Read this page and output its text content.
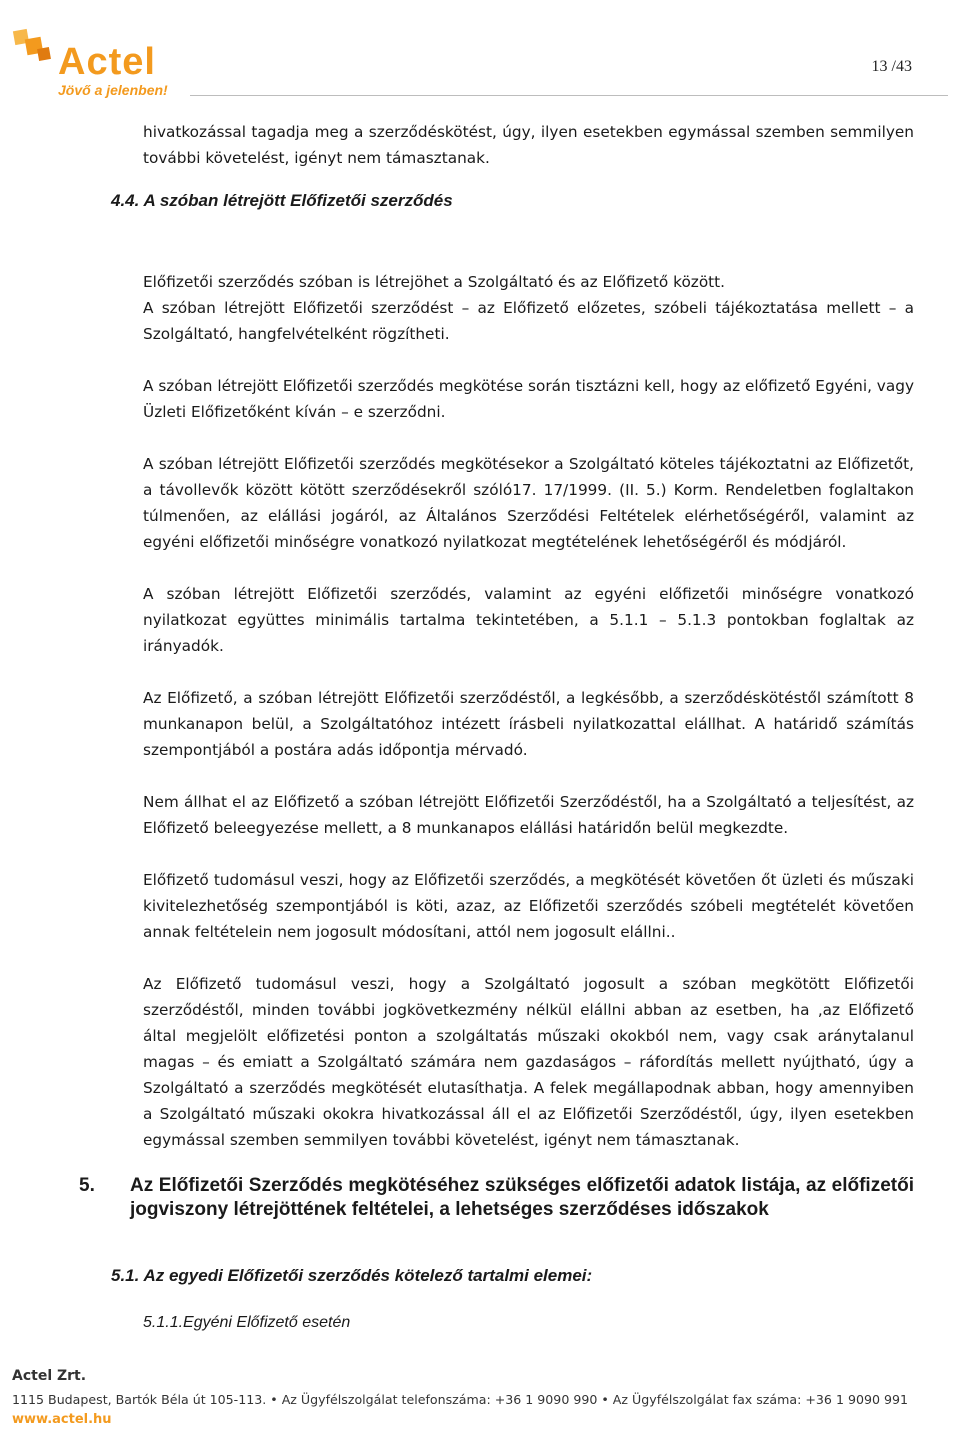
Actel
Jövő a jelenben!
13 /43

hivatkozással tagadja meg a szerződéskötést, úgy, ilyen esetekben egymással szemben semmilyen további követelést, igényt nem támasztanak.

Előfizetői szerződés szóban is létrejöhet a Szolgáltató és az Előfizető között.

A szóban létrejött Előfizetői szerződést – az Előfizető előzetes, szóbeli tájékoztatása mellett – a Szolgáltató, hangfelvételként rögzítheti.

A szóban létrejött Előfizetői szerződés megkötése során tisztázni kell, hogy az előfizető Egyéni, vagy Üzleti Előfizetőként kíván – e szerződni.

A szóban létrejött Előfizetői szerződés megkötésekor a Szolgáltató köteles tájékoztatni az Előfizetőt, a távollevők között kötött szerződésekről szóló17. 17/1999. (II. 5.) Korm. Rendeletben foglaltakon túlmenően, az elállási jogáról, az Általános Szerződési Feltételek elérhetőségéről, valamint az egyéni előfizetői minőségre vonatkozó nyilatkozat megtételének lehetőségéről és módjáról.

A szóban létrejött Előfizetői szerződés, valamint az egyéni előfizetői minőségre vonatkozó nyilatkozat együttes minimális tartalma tekintetében, a 5.1.1 – 5.1.3 pontokban foglaltak az irányadók.

Az Előfizető, a szóban létrejött Előfizetői szerződéstől, a legkésőbb, a szerződéskötéstől számított 8 munkanapon belül, a Szolgáltatóhoz intézett írásbeli nyilatkozattal elállhat. A határidő számítás szempontjából a postára adás időpontja mérvadó.

Nem állhat el az Előfizető a szóban létrejött Előfizetői Szerződéstől, ha a Szolgáltató a teljesítést, az Előfizető beleegyezése mellett, a 8 munkanapos elállási határidőn belül megkezdte.

Előfizető tudomásul veszi, hogy az Előfizetői szerződés, a megkötését követően őt üzleti és műszaki kivitelezhetőség szempontjából is köti, azaz, az Előfizetői szerződés szóbeli megtételét követően annak feltételein nem jogosult módosítani, attól nem jogosult elállni..

Az Előfizető tudomásul veszi, hogy a Szolgáltató jogosult a szóban megkötött Előfizetői szerződéstől, minden további jogkövetkezmény nélkül elállni abban az esetben, ha ‚az Előfizető által megjelölt előfizetési ponton a szolgáltatás műszaki okokból nem, vagy csak aránytalanul magas – és emiatt a Szolgáltató számára nem gazdaságos – ráfordítás mellett nyújtható, úgy a Szolgáltató a szerződés megkötését elutasíthatja. A felek megállapodnak abban, hogy amennyiben a Szolgáltató műszaki okokra hivatkozással áll el az Előfizetői Szerződéstől, úgy, ilyen esetekben egymással szemben semmilyen további követelést, igényt nem támasztanak.

4.4. A szóban létrejött Előfizetői szerződés
5. Az Előfizetői Szerződés megkötéséhez szükséges előfizetői adatok listája, az előfizetői jogviszony létrejöttének feltételei, a lehetséges szerződéses időszakok
5.1. Az egyedi Előfizetői szerződés kötelező tartalmi elemei:
5.1.1.Egyéni Előfizető esetén
Actel Zrt.
1115 Budapest, Bartók Béla út 105-113. • Az Ügyfélszolgálat telefonszáma: +36 1 9090 990 • Az Ügyfélszolgálat fax száma: +36 1 9090 991
www.actel.hu
